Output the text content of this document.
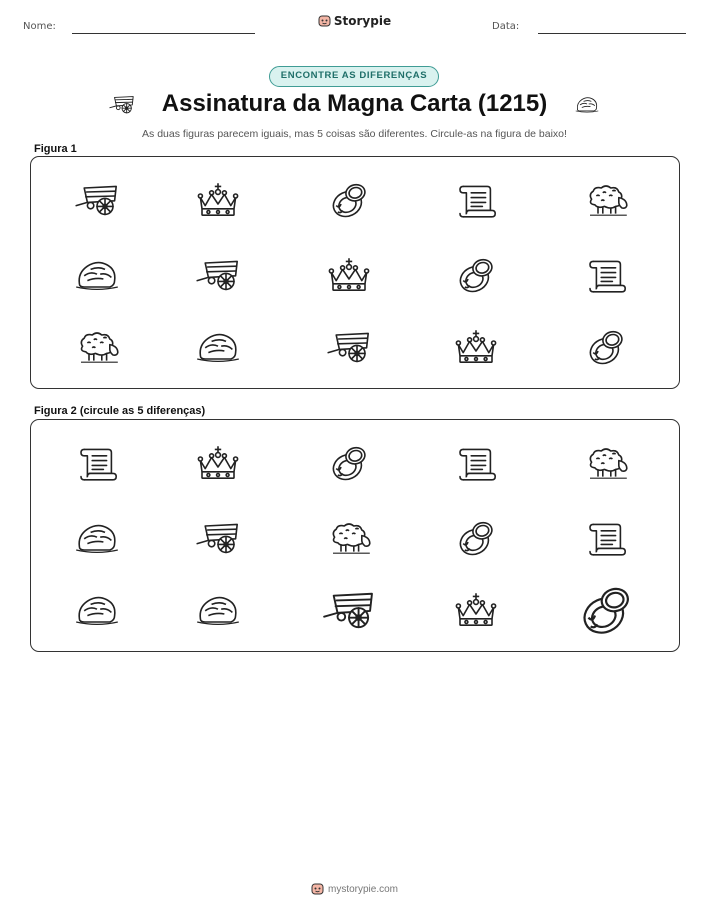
Nome:	Storypie	Data:
ENCONTRE AS DIFERENÇAS
Assinatura da Magna Carta (1215)
As duas figuras parecem iguais, mas 5 coisas são diferentes. Circule-as na figura de baixo!
Figura 1
Figura 2 (circule as 5 diferenças)
mystorypie.com
